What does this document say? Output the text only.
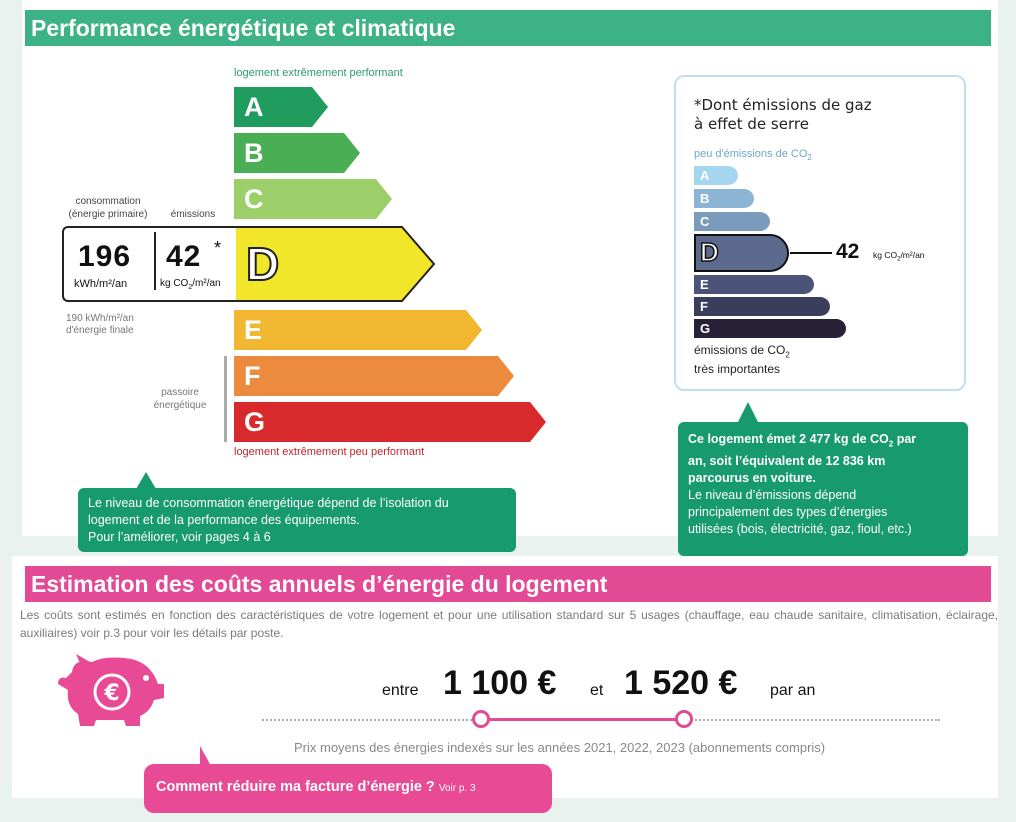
Performance énergétique et climatique
logement extrêmement performant
A
B
C
D
E
F
G
logement extrêmement peu performant
consommation
(énergie primaire)	émissions
196
kWh/m²/an
42 *
kg $CO_2/m^2/an$
190 kWh/m²/an
d'énergie finale
passoire
énergétique
Le niveau de consommation énergétique dépend de l’isolation du
logement et de la performance des équipements.
Pour l’améliorer, voir pages 4 à 6
*Dont émissions de gaz
à effet de serre
peu d'émissions de $CO_2$
A
B
C
D
E
F
G
42 kg $CO_2/m^2/an$
émissions de $CO_2$
très importantes
Ce logement émet 2 477 kg de $CO_2$ par
an, soit l’équivalent de 12 836 km
parcourus en voiture.
Le niveau d’émissions dépend
principalement des types d’énergies
utilisées (bois, électricité, gaz, fioul, etc.)
Estimation des coûts annuels d’énergie du logement
Les coûts sont estimés en fonction des caractéristiques de votre logement et pour une utilisation standard sur 5 usages (chauffage, eau chaude sanitaire, climatisation, éclairage, auxiliaires) voir p.3 pour voir les détails par poste.
€	entre 1 100 € et 1 520 € par an
Prix moyens des énergies indexés sur les années 2021, 2022, 2023 (abonnements compris)
Comment réduire ma facture d’énergie ? Voir p. 3
